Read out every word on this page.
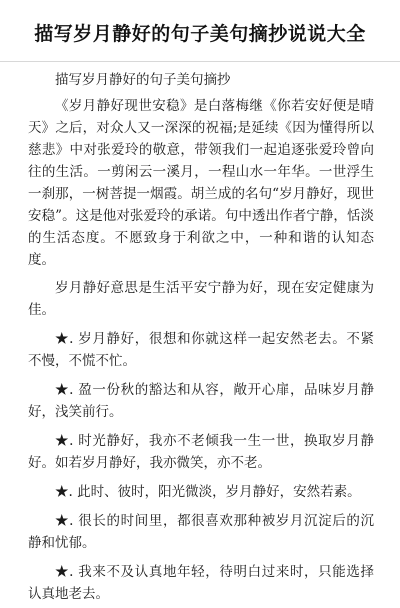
描写岁月静好的句子美句摘抄说说大全

描写岁月静好的句子美句摘抄

《岁月静好现世安稳》是白落梅继《你若安好便是晴天》之后，对众人又一深深的祝福;是延续《因为懂得所以慈悲》中对张爱玲的敬意，带领我们一起追逐张爱玲曾向往的生活。一剪闲云一溪月，一程山水一年华。一世浮生一刹那，一树菩提一烟霞。胡兰成的名句“岁月静好，现世安稳”。这是他对张爱玲的承诺。句中透出作者宁静，恬淡的生活态度。不愿致身于利欲之中，一种和谐的认知态度。

岁月静好意思是生活平安宁静为好，现在安定健康为佳。

★. 岁月静好，很想和你就这样一起安然老去。不紧不慢，不慌不忙。

★. 盈一份秋的豁达和从容，敞开心扉，品味岁月静好，浅笑前行。

★. 时光静好，我亦不老倾我一生一世，换取岁月静好。如若岁月静好，我亦微笑，亦不老。

★. 此时、彼时，阳光微淡，岁月静好，安然若素。

★. 很长的时间里，都很喜欢那种被岁月沉淀后的沉静和忧郁。

★. 我来不及认真地年轻，待明白过来时，只能选择认真地老去。
